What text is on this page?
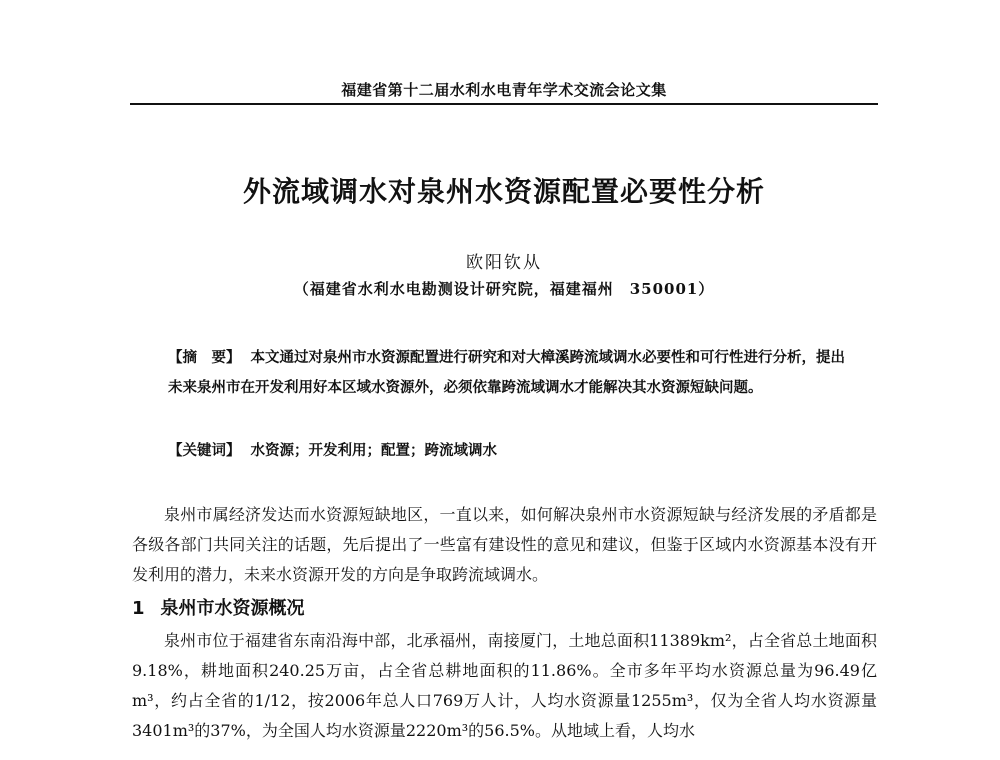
福建省第十二届水利水电青年学术交流会论文集
外流域调水对泉州水资源配置必要性分析
欧阳钦从
（福建省水利水电勘测设计研究院，福建福州　350001）
【摘　要】 本文通过对泉州市水资源配置进行研究和对大樟溪跨流域调水必要性和可行性进行分析，提出未来泉州市在开发利用好本区域水资源外，必须依靠跨流域调水才能解决其水资源短缺问题。
【关键词】 水资源；开发利用；配置；跨流域调水
泉州市属经济发达而水资源短缺地区，一直以来，如何解决泉州市水资源短缺与经济发展的矛盾都是各级各部门共同关注的话题，先后提出了一些富有建设性的意见和建议，但鉴于区域内水资源基本没有开发利用的潜力，未来水资源开发的方向是争取跨流域调水。
1 泉州市水资源概况
泉州市位于福建省东南沿海中部，北承福州，南接厦门，土地总面积11389km²，占全省总土地面积9.18%，耕地面积240.25万亩，占全省总耕地面积的11.86%。全市多年平均水资源总量为96.49亿m³，约占全省的1/12，按2006年总人口769万人计，人均水资源量1255m³，仅为全省人均水资源量3401m³的37%，为全国人均水资源量2220m³的56.5%。从地域上看，人均水
